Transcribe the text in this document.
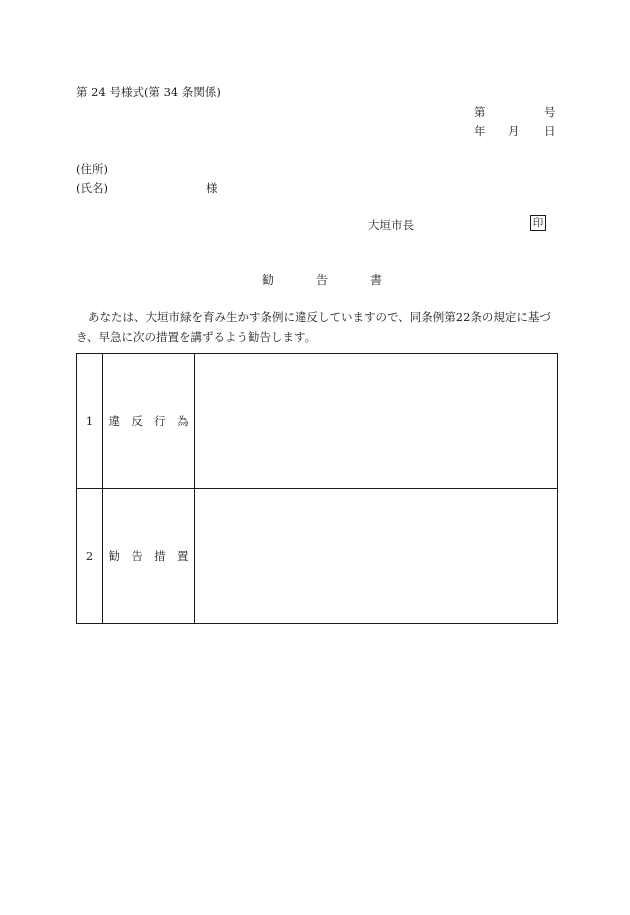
第 24 号様式(第 34 条関係)
第	号
年 月 日
(住所)
(氏名)	様
大垣市長	印
勧	告	書
あなたは、大垣市緑を育み生かす条例に違反していますので、同条例第22条の規定に基づき、早急に次の措置を講ずるよう勧告します。
1	違 反 行 為	

2	勧 告 措 置	
